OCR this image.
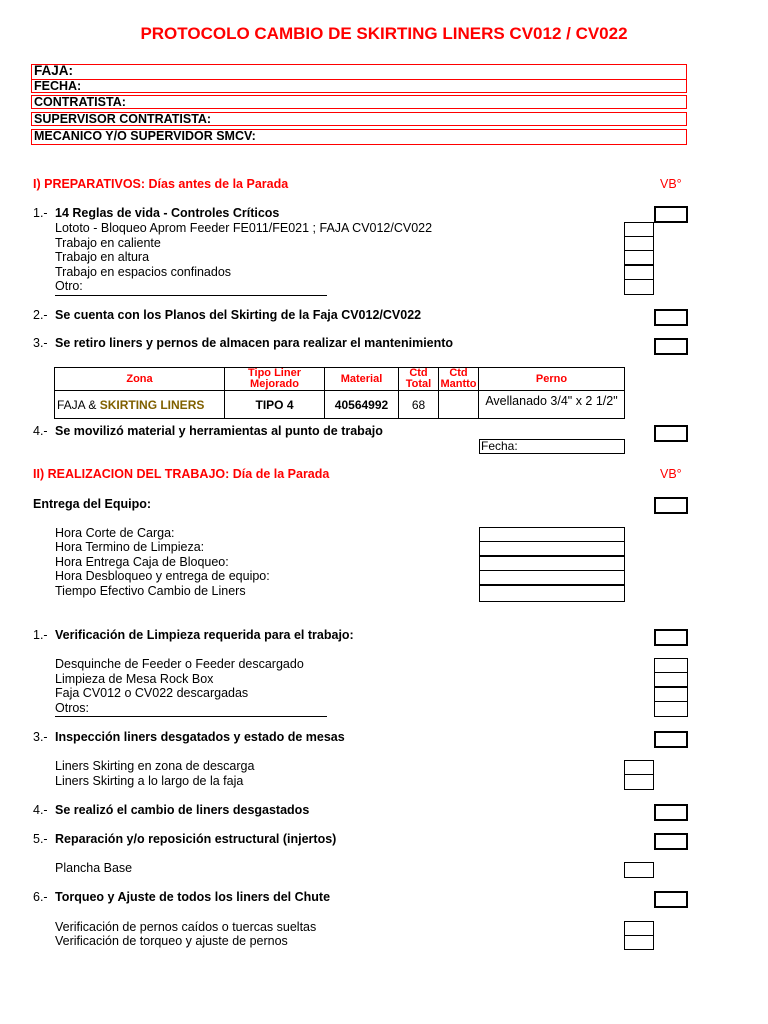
PROTOCOLO CAMBIO DE SKIRTING LINERS CV012 / CV022
FAJA:
FECHA:
CONTRATISTA:
SUPERVISOR CONTRATISTA:
MECANICO Y/O SUPERVIDOR SMCV:
I) PREPARATIVOS: Días antes de la Parada	VB°
1.- 14 Reglas de vida - Controles Críticos
Lototo - Bloqueo Aprom Feeder FE011/FE021 ; FAJA CV012/CV022
Trabajo en caliente
Trabajo en altura
Trabajo en espacios confinados
Otro:
2.- Se cuenta con los Planos del Skirting de la Faja CV012/CV022
3.- Se retiro liners y pernos de almacen para realizar el mantenimiento
Zona	Tipo Liner Mejorado	Material	Ctd Total	Ctd Mantto	Perno
FAJA & SKIRTING LINERS	TIPO 4	40564992	68		Avellanado 3/4" x 2 1/2"
4.- Se movilizó material y herramientas al punto de trabajo
Fecha:
II) REALIZACION DEL TRABAJO: Día de la Parada	VB°
Entrega del Equipo:
Hora Corte de Carga:
Hora Termino de Limpieza:
Hora Entrega Caja de Bloqueo:
Hora Desbloqueo y entrega de equipo:
Tiempo Efectivo Cambio de Liners
1.- Verificación de Limpieza requerida para el trabajo:
Desquinche de Feeder o Feeder descargado
Limpieza de Mesa Rock Box
Faja CV012 o CV022 descargadas
Otros:
3.- Inspección liners desgatados y estado de mesas
Liners Skirting en zona de descarga
Liners Skirting a lo largo de la faja
4.- Se realizó el cambio de liners desgastados
5.- Reparación y/o reposición estructural (injertos)
Plancha Base
6.- Torqueo y Ajuste de todos los liners del Chute
Verificación de pernos caídos o tuercas sueltas
Verificación de torqueo y ajuste de pernos
